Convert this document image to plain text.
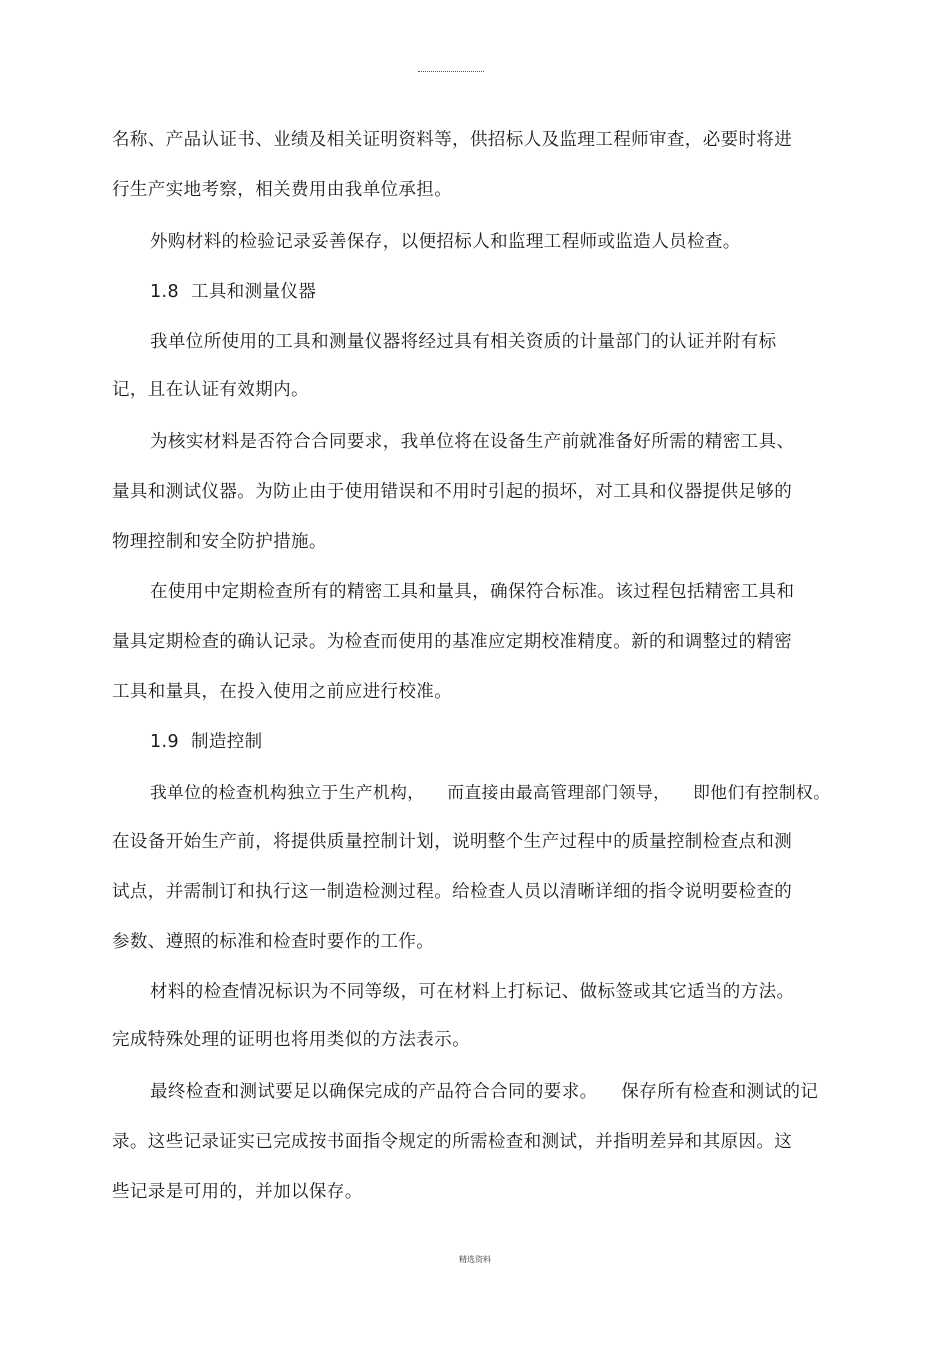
名称、产品认证书、业绩及相关证明资料等，供招标人及监理工程师审查，必要时将进
行生产实地考察，相关费用由我单位承担。
外购材料的检验记录妥善保存，以便招标人和监理工程师或监造人员检查。
1.8  工具和测量仪器
我单位所使用的工具和测量仪器将经过具有相关资质的计量部门的认证并附有标
记，且在认证有效期内。
为核实材料是否符合合同要求，我单位将在设备生产前就准备好所需的精密工具、
量具和测试仪器。为防止由于使用错误和不用时引起的损坏，对工具和仪器提供足够的
物理控制和安全防护措施。
在使用中定期检查所有的精密工具和量具，确保符合标准。该过程包括精密工具和
量具定期检查的确认记录。为检查而使用的基准应定期校准精度。新的和调整过的精密
工具和量具，在投入使用之前应进行校准。
1.9  制造控制
我单位的检查机构独立于生产机构，    而直接由最高管理部门领导，    即他们有控制权。
在设备开始生产前，将提供质量控制计划，说明整个生产过程中的质量控制检查点和测
试点，并需制订和执行这一制造检测过程。给检查人员以清晰详细的指令说明要检查的
参数、遵照的标准和检查时要作的工作。
材料的检查情况标识为不同等级，可在材料上打标记、做标签或其它适当的方法。
完成特殊处理的证明也将用类似的方法表示。
最终检查和测试要足以确保完成的产品符合合同的要求。    保存所有检查和测试的记
录。这些记录证实已完成按书面指令规定的所需检查和测试，并指明差异和其原因。这
些记录是可用的，并加以保存。
精选资料
